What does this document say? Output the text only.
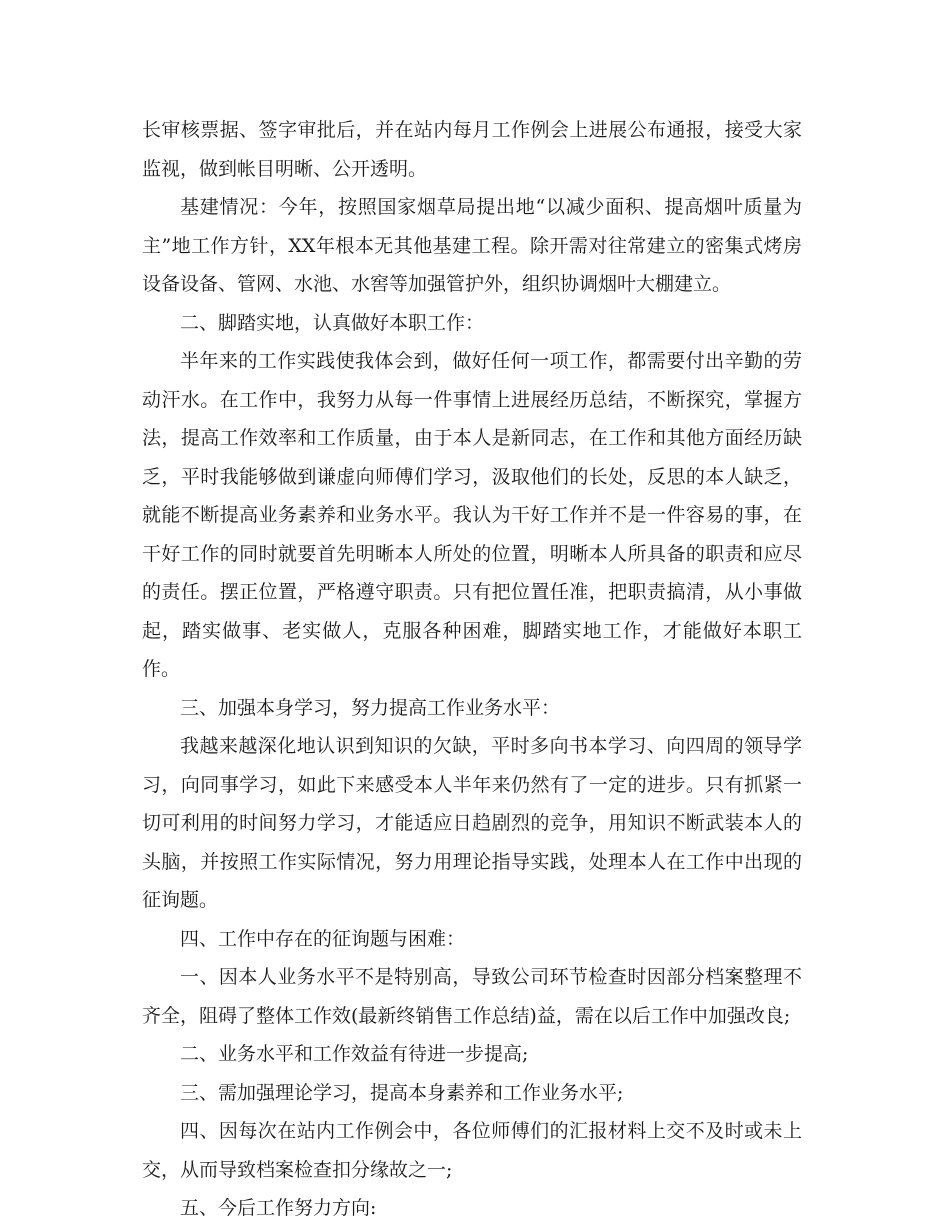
长审核票据、签字审批后，并在站内每月工作例会上进展公布通报，接受大家监视，做到帐目明晰、公开透明。

基建情况：今年，按照国家烟草局提出地“以减少面积、提高烟叶质量为主”地工作方针，XX年根本无其他基建工程。除开需对往常建立的密集式烤房设备设备、管网、水池、水窖等加强管护外，组织协调烟叶大棚建立。

二、脚踏实地，认真做好本职工作：

半年来的工作实践使我体会到，做好任何一项工作，都需要付出辛勤的劳动汗水。在工作中，我努力从每一件事情上进展经历总结，不断探究，掌握方法，提高工作效率和工作质量，由于本人是新同志，在工作和其他方面经历缺乏，平时我能够做到谦虚向师傅们学习，汲取他们的长处，反思的本人缺乏，就能不断提高业务素养和业务水平。我认为干好工作并不是一件容易的事，在干好工作的同时就要首先明晰本人所处的位置，明晰本人所具备的职责和应尽的责任。摆正位置，严格遵守职责。只有把位置任准，把职责搞清，从小事做起，踏实做事、老实做人，克服各种困难，脚踏实地工作，才能做好本职工作。

三、加强本身学习，努力提高工作业务水平：

我越来越深化地认识到知识的欠缺，平时多向书本学习、向四周的领导学习，向同事学习，如此下来感受本人半年来仍然有了一定的进步。只有抓紧一切可利用的时间努力学习，才能适应日趋剧烈的竞争，用知识不断武装本人的头脑，并按照工作实际情况，努力用理论指导实践，处理本人在工作中出现的征询题。

四、工作中存在的征询题与困难：

一、因本人业务水平不是特别高，导致公司环节检查时因部分档案整理不齐全，阻碍了整体工作效(最新终销售工作总结)益，需在以后工作中加强改良;

二、业务水平和工作效益有待进一步提高;

三、需加强理论学习，提高本身素养和工作业务水平;

四、因每次在站内工作例会中，各位师傅们的汇报材料上交不及时或未上交，从而导致档案检查扣分缘故之一;

五、今后工作努力方向:
